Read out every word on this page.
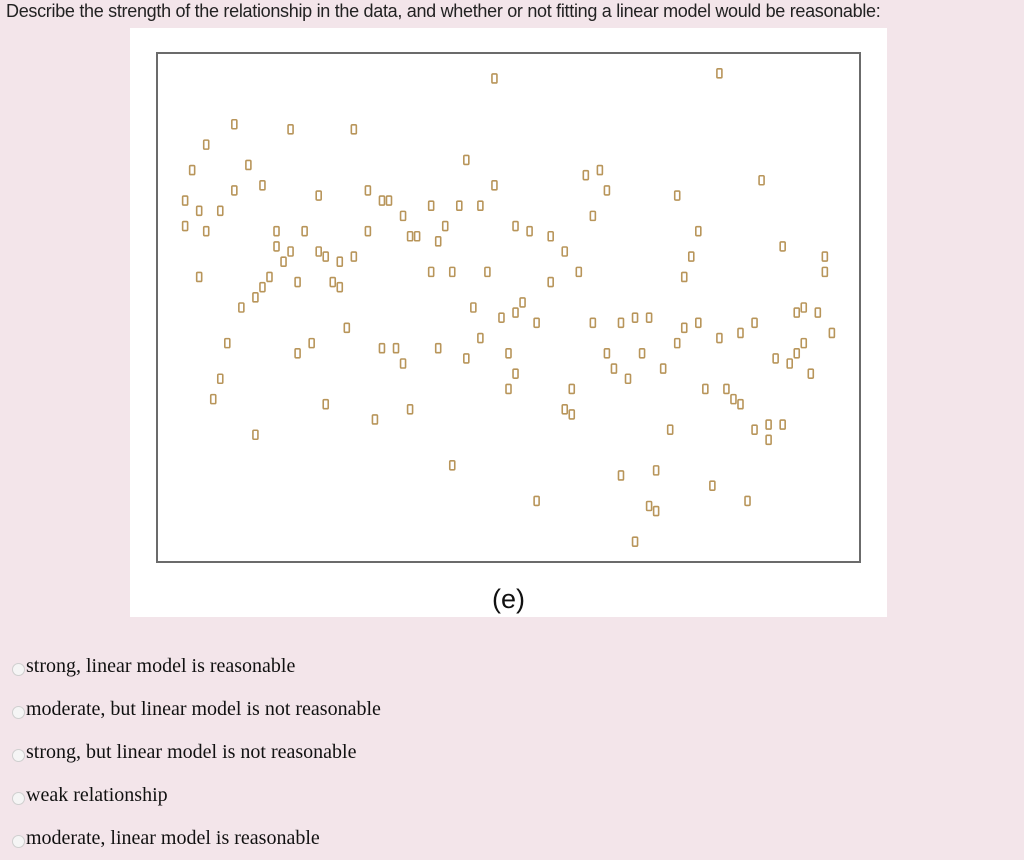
Describe the strength of the relationship in the data, and whether or not fitting a linear model would be reasonable:
(e)
strong, linear model is reasonable
moderate, but linear model is not reasonable
strong, but linear model is not reasonable
weak relationship
moderate, linear model is reasonable
